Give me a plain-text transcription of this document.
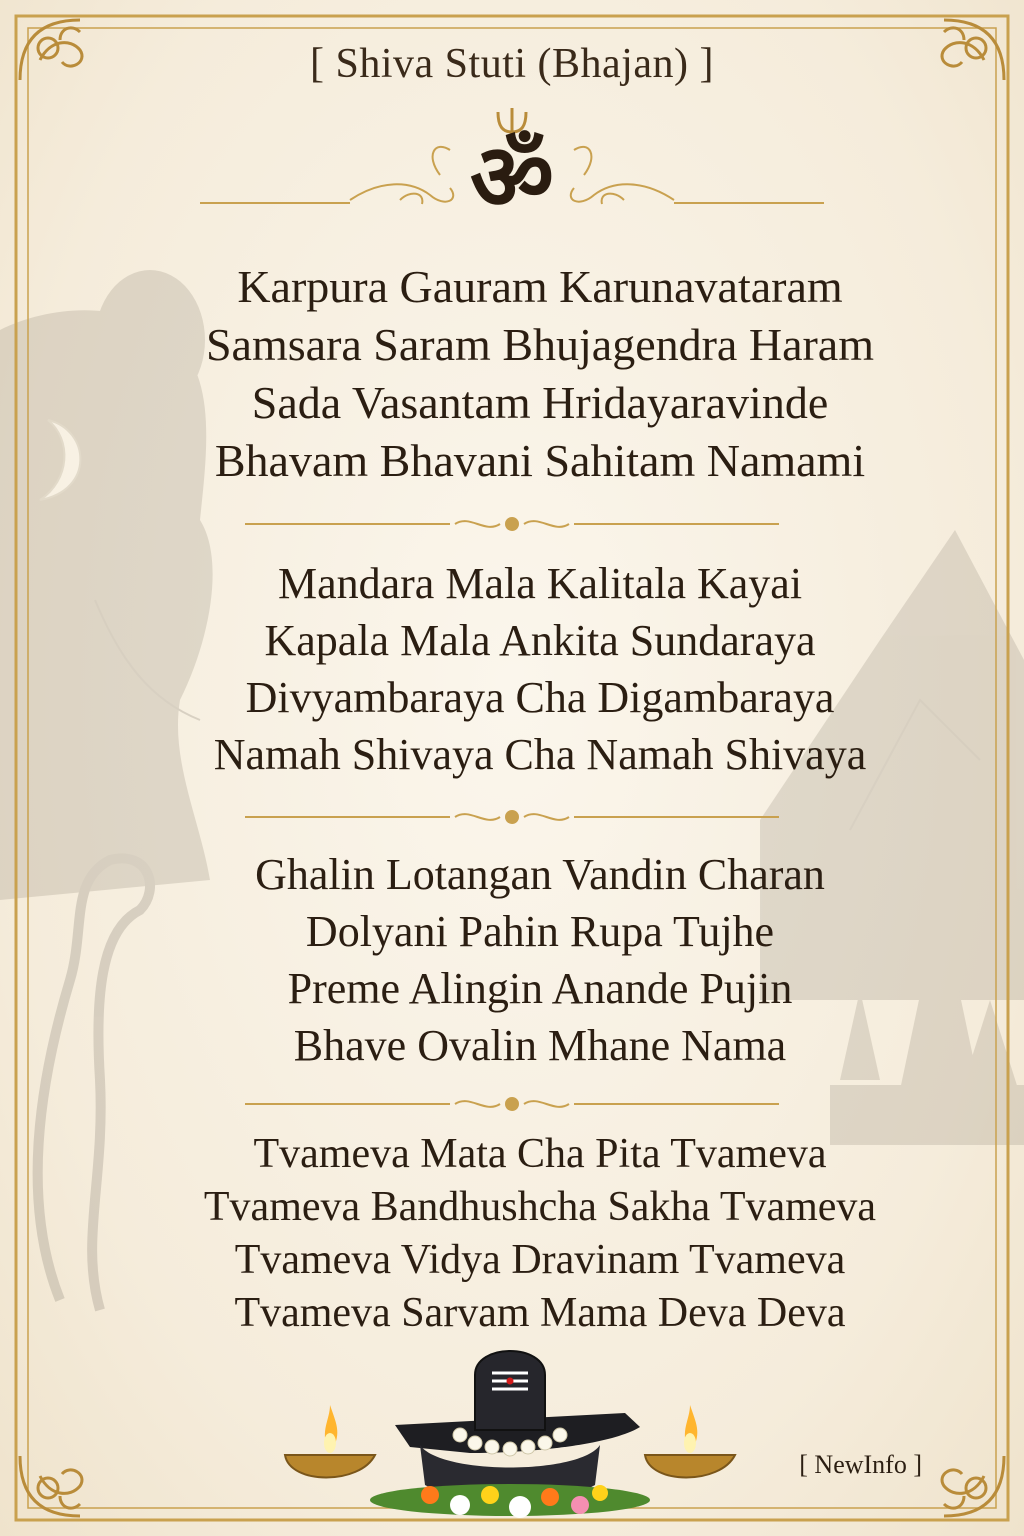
[ Shiva Stuti (Bhajan) ]
ॐ
Karpura Gauram Karunavataram
Samsara Saram Bhujagendra Haram
Sada Vasantam Hridayaravinde
Bhavam Bhavani Sahitam Namami
Mandara Mala Kalitala Kayai
Kapala Mala Ankita Sundaraya
Divyambaraya Cha Digambaraya
Namah Shivaya Cha Namah Shivaya
Ghalin Lotangan Vandin Charan
Dolyani Pahin Rupa Tujhe
Preme Alingin Anande Pujin
Bhave Ovalin Mhane Nama
Tvameva Mata Cha Pita Tvameva
Tvameva Bandhushcha Sakha Tvameva
Tvameva Vidya Dravinam Tvameva
Tvameva Sarvam Mama Deva Deva
[ NewInfo ]
